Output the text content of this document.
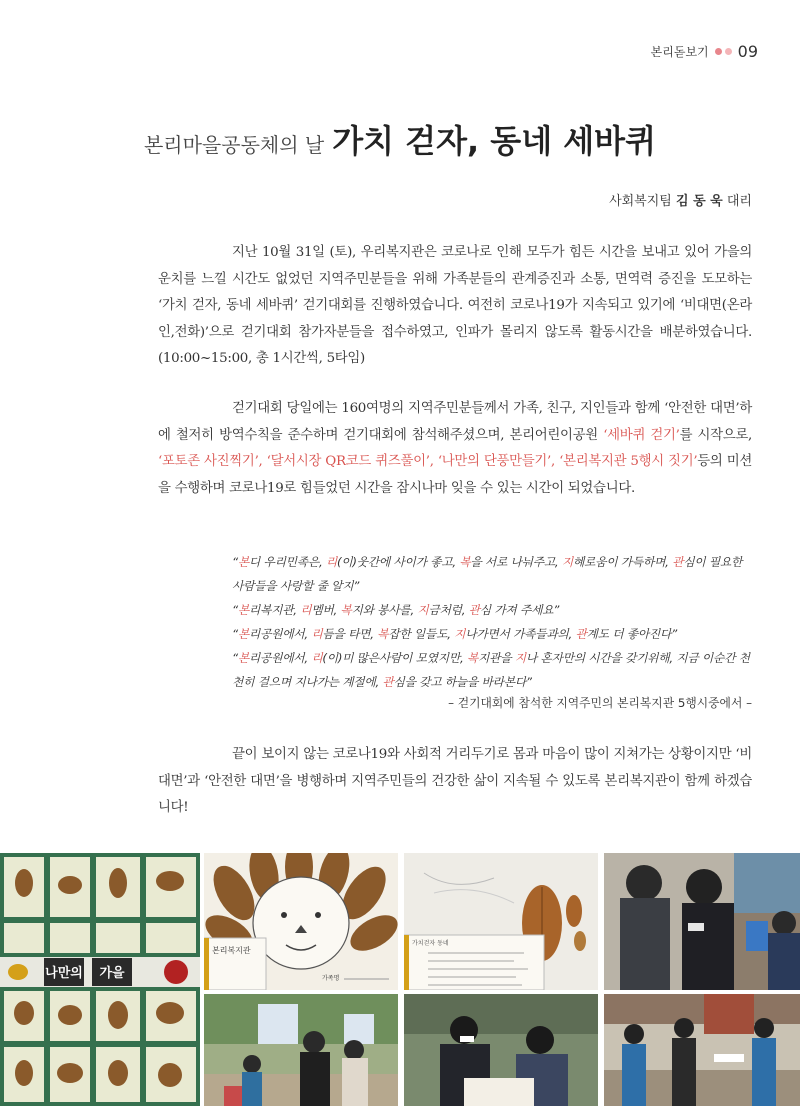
본리돋보기 09
본리마을공동체의 날 가치 걷자, 동네 세바퀴
사회복지팀 김 동 욱 대리

지난 10월 31일 (토), 우리복지관은 코로나로 인해 모두가 힘든 시간을 보내고 있어 가을의 운치를 느낄 시간도 없었던 지역주민분들을 위해 가족분들의 관계증진과 소통, 면역력 증진을 도모하는 ‘가치 걷자, 동네 세바퀴’ 걷기대회를 진행하였습니다. 여전히 코로나19가 지속되고 있기에 ‘비대면(온라인,전화)’으로 걷기대회 참가자분들을 접수하였고, 인파가 몰리지 않도록 활동시간을 배분하였습니다.(10:00~15:00, 총 1시간씩, 5타임)

걷기대회 당일에는 160여명의 지역주민분들께서 가족, 친구, 지인들과 함께 ‘안전한 대면’하에 철저히 방역수칙을 준수하며 걷기대회에 참석해주셨으며, 본리어린이공원 ‘세바퀴 걷기’를 시작으로, ‘포토존 사진찍기’, ‘달서시장 QR코드 퀴즈풀이’, ‘나만의 단풍만들기’, ‘본리복지관 5행시 짓기’등의 미션을 수행하며 코로나19로 힘들었던 시간을 잠시나마 잊을 수 있는 시간이 되었습니다.

“본디 우리민족은, 리(이)웃간에 사이가 좋고, 복을 서로 나눠주고, 지혜로움이 가득하며, 관심이 필요한 사람들을 사랑할 줄 알지”
“본리복지관, 리멤버, 복지와 봉사를, 지금처럼, 관심 가져 주세요”
“본리공원에서, 리듬을 타면, 복잡한 일들도, 지나가면서 가족들과의, 관계도 더 좋아진다”
“본리공원에서, 리(이)미 많은사람이 모였지만, 복지관을 지나 혼자만의 시간을 갖기위해, 지금 이순간 천천히 걸으며 지나가는 계절에, 관심을 갖고 하늘을 바라본다”
– 걷기대회에 참석한 지역주민의 본리복지관 5행시중에서 –

끝이 보이지 않는 코로나19와 사회적 거리두기로 몸과 마음이 많이 지쳐가는 상황이지만 ‘비대면’과 ‘안전한 대면’을 병행하며 지역주민들의 건강한 삶이 지속될 수 있도록 본리복지관이 함께 하겠습니다!

나만의 가을
본리복지관
가족명
가치걷자 동네
